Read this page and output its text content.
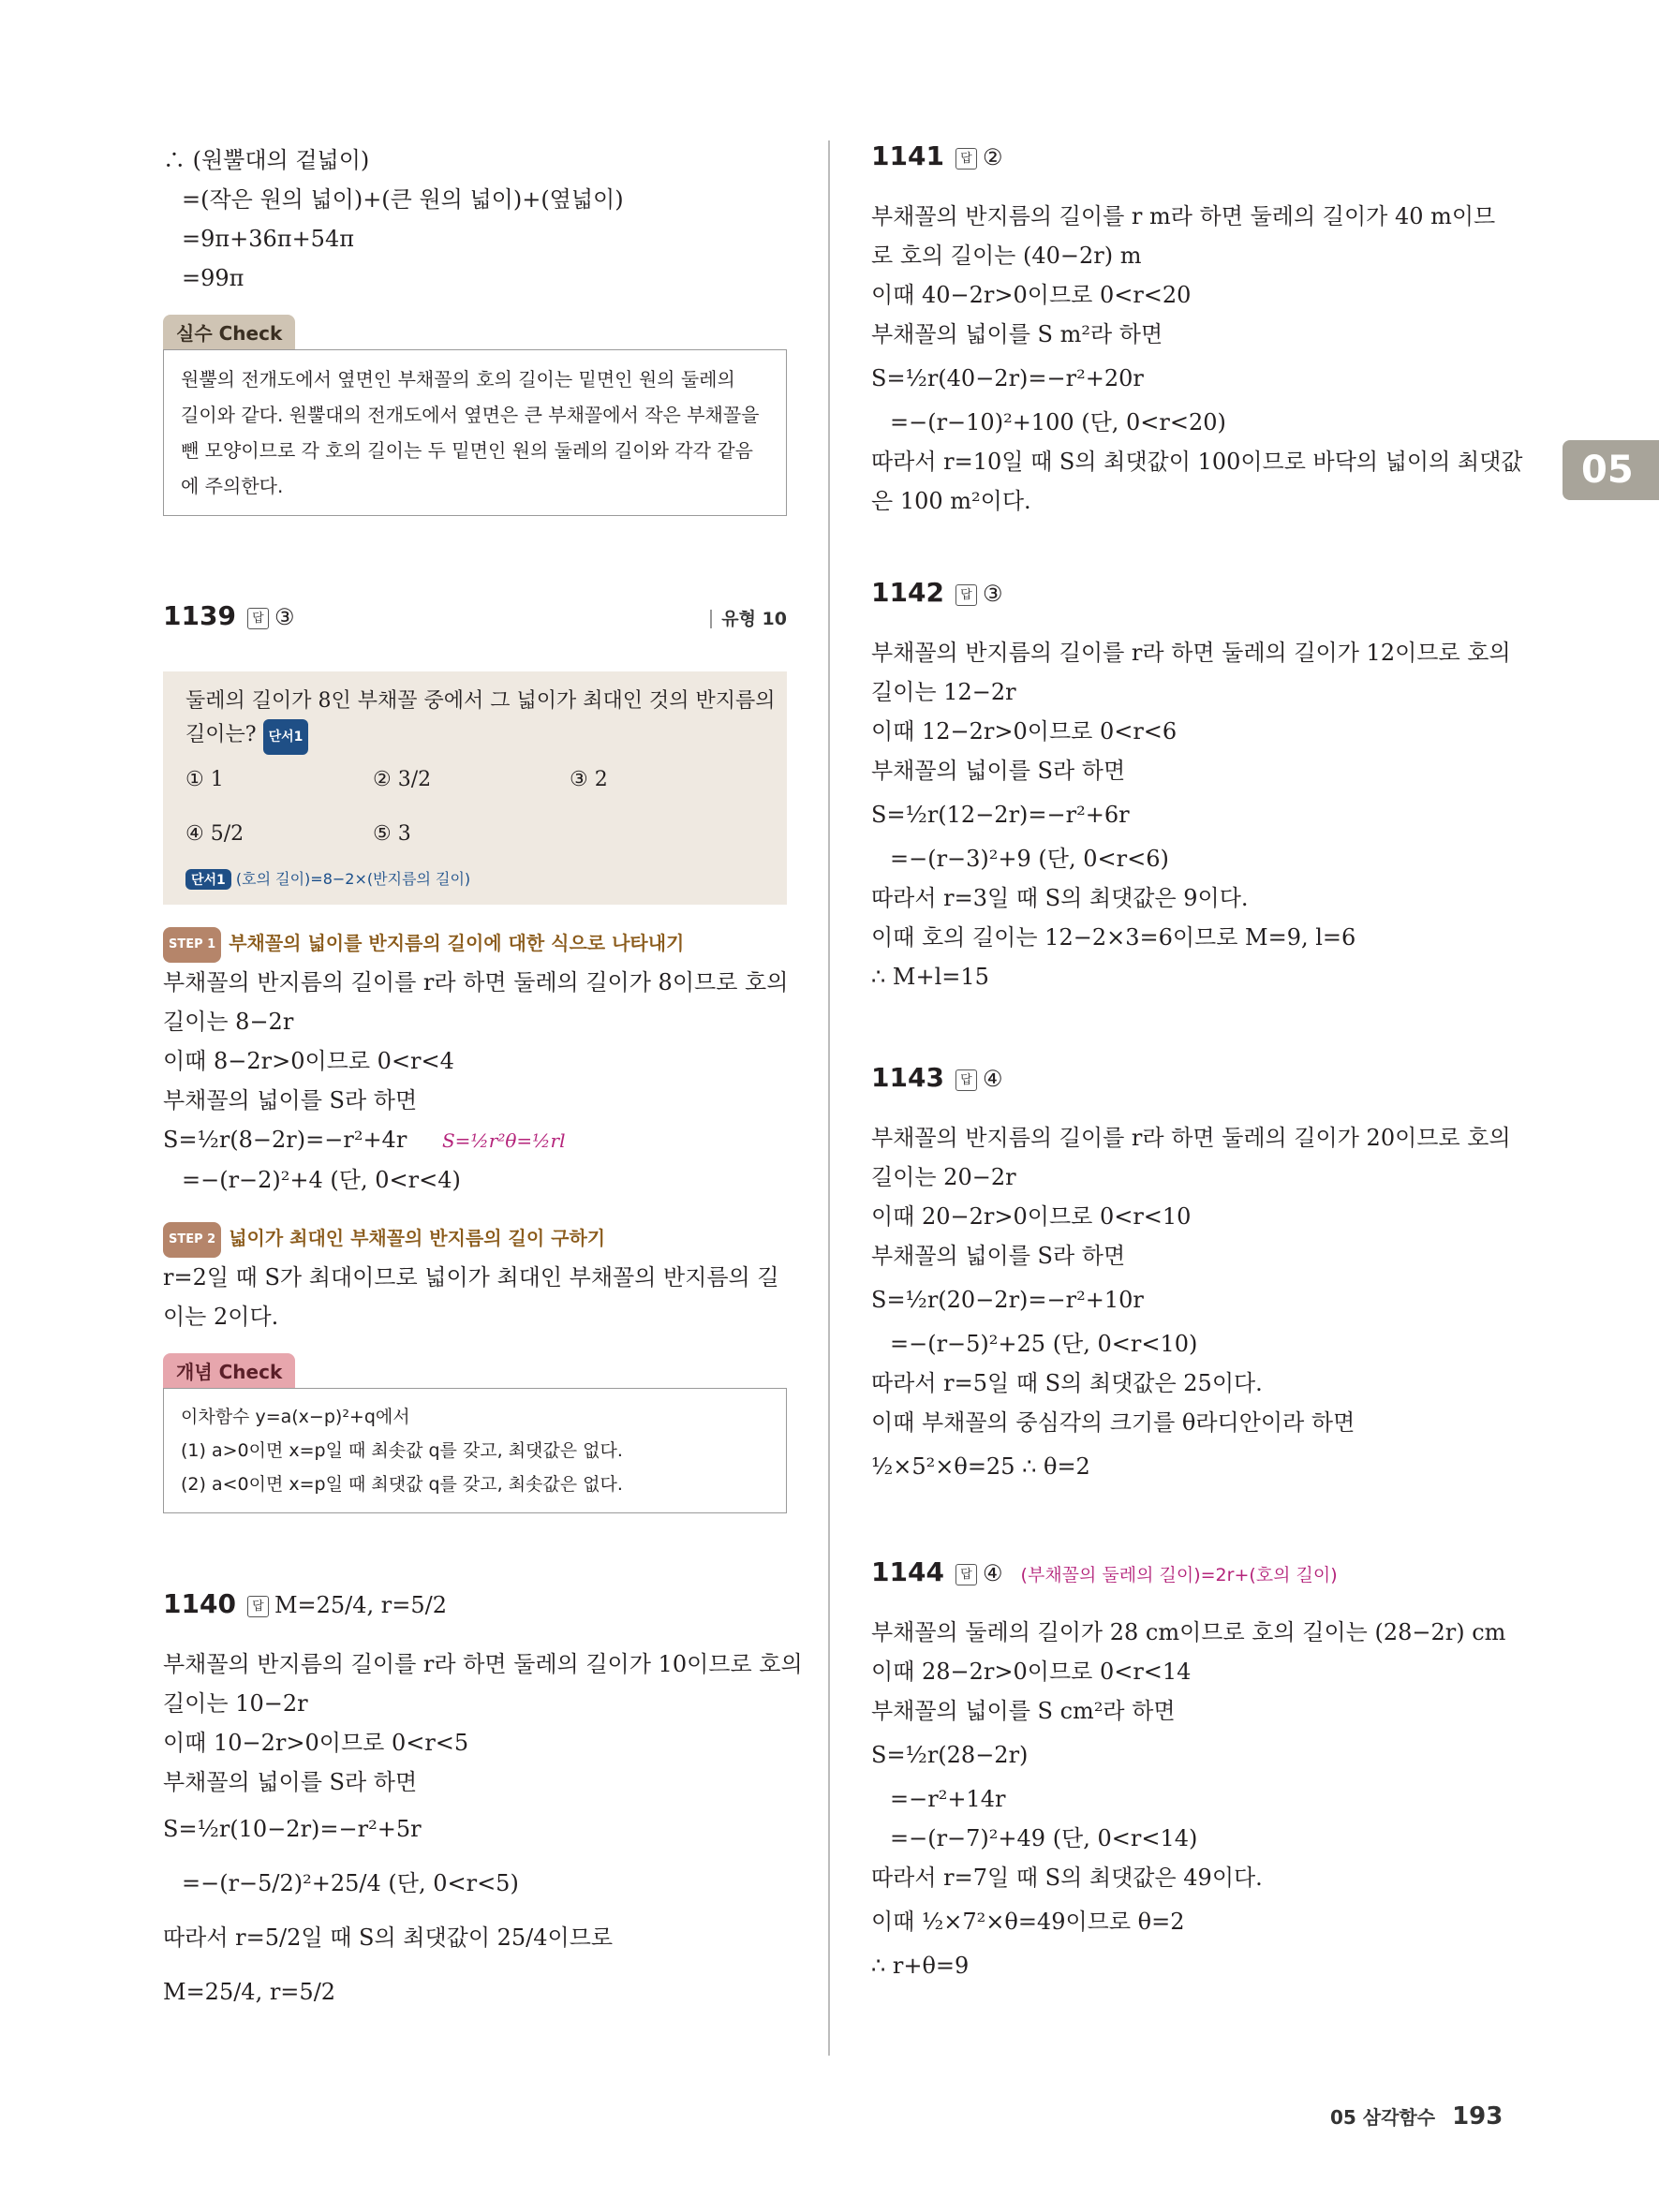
05
∴ (원뿔대의 겉넓이)
=(작은 원의 넓이)+(큰 원의 넓이)+(옆넓이)
=9π+36π+54π
=99π
실수 Check
원뿔의 전개도에서 옆면인 부채꼴의 호의 길이는 밑면인 원의 둘레의
길이와 같다. 원뿔대의 전개도에서 옆면은 큰 부채꼴에서 작은 부채꼴을
뺀 모양이므로 각 호의 길이는 두 밑면인 원의 둘레의 길이와 각각 같음
에 주의한다.
1139 답 ③	유형 10
둘레의 길이가 8인 부채꼴 중에서 그 넓이가 최대인 것의 반지름의
길이는? 단서1
① 1	② 3/2	③ 2
④ 5/2	⑤ 3
단서1 (호의 길이)=8−2×(반지름의 길이)
STEP 1 부채꼴의 넓이를 반지름의 길이에 대한 식으로 나타내기
부채꼴의 반지름의 길이를 r라 하면 둘레의 길이가 8이므로 호의
길이는 8−2r
이때 8−2r>0이므로 0<r<4
부채꼴의 넓이를 S라 하면
S=½r(8−2r)=−r²+4r S=½r²θ=½rl
=−(r−2)²+4 (단, 0<r<4)
STEP 2 넓이가 최대인 부채꼴의 반지름의 길이 구하기
r=2일 때 S가 최대이므로 넓이가 최대인 부채꼴의 반지름의 길
이는 2이다.
개념 Check
이차함수 y=a(x−p)²+q에서
(1) a>0이면 x=p일 때 최솟값 q를 갖고, 최댓값은 없다.
(2) a<0이면 x=p일 때 최댓값 q를 갖고, 최솟값은 없다.
1140 답 M=25/4, r=5/2
부채꼴의 반지름의 길이를 r라 하면 둘레의 길이가 10이므로 호의
길이는 10−2r
이때 10−2r>0이므로 0<r<5
부채꼴의 넓이를 S라 하면
S=½r(10−2r)=−r²+5r
=−(r−5/2)²+25/4 (단, 0<r<5)
따라서 r=5/2일 때 S의 최댓값이 25/4이므로
M=25/4, r=5/2
1141 답 ②
부채꼴의 반지름의 길이를 r m라 하면 둘레의 길이가 40 m이므
로 호의 길이는 (40−2r) m
이때 40−2r>0이므로 0<r<20
부채꼴의 넓이를 S m²라 하면
S=½r(40−2r)=−r²+20r
=−(r−10)²+100 (단, 0<r<20)
따라서 r=10일 때 S의 최댓값이 100이므로 바닥의 넓이의 최댓값
은 100 m²이다.
1142 답 ③
부채꼴의 반지름의 길이를 r라 하면 둘레의 길이가 12이므로 호의
길이는 12−2r
이때 12−2r>0이므로 0<r<6
부채꼴의 넓이를 S라 하면
S=½r(12−2r)=−r²+6r
=−(r−3)²+9 (단, 0<r<6)
따라서 r=3일 때 S의 최댓값은 9이다.
이때 호의 길이는 12−2×3=6이므로 M=9, l=6
∴ M+l=15
1143 답 ④
부채꼴의 반지름의 길이를 r라 하면 둘레의 길이가 20이므로 호의
길이는 20−2r
이때 20−2r>0이므로 0<r<10
부채꼴의 넓이를 S라 하면
S=½r(20−2r)=−r²+10r
=−(r−5)²+25 (단, 0<r<10)
따라서 r=5일 때 S의 최댓값은 25이다.
이때 부채꼴의 중심각의 크기를 θ라디안이라 하면
½×5²×θ=25 ∴ θ=2
1144 답 ④ (부채꼴의 둘레의 길이)=2r+(호의 길이)
부채꼴의 둘레의 길이가 28 cm이므로 호의 길이는 (28−2r) cm
이때 28−2r>0이므로 0<r<14
부채꼴의 넓이를 S cm²라 하면
S=½r(28−2r)
=−r²+14r
=−(r−7)²+49 (단, 0<r<14)
따라서 r=7일 때 S의 최댓값은 49이다.
이때 ½×7²×θ=49이므로 θ=2
∴ r+θ=9
05 삼각함수 193
